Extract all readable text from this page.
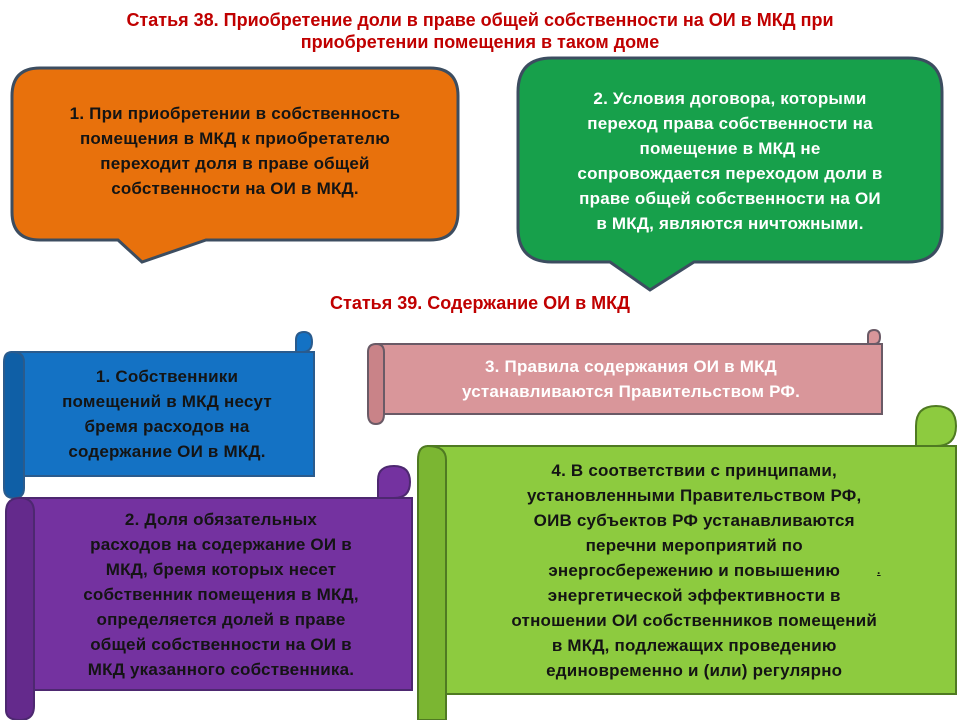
Статья 38. Приобретение доли в праве общей собственности на ОИ в МКД при
приобретении помещения в таком доме

Статья 39. Содержание ОИ в МКД

1. При приобретении в собственность
помещения в МКД к приобретателю
переходит доля в праве общей
собственности на ОИ в МКД.
2. Условия договора, которыми
переход права собственности на
помещение в МКД не
сопровождается переходом доли в
праве общей собственности на ОИ
в МКД, являются ничтожными.
1. Собственники
помещений в МКД несут
бремя расходов на
содержание ОИ в МКД.
2. Доля обязательных
расходов на содержание ОИ в
МКД, бремя которых несет
собственник помещения в МКД,
определяется долей в праве
общей собственности на ОИ в
МКД указанного собственника.
3. Правила содержания ОИ в МКД
устанавливаются Правительством РФ.
4. В соответствии с принципами,
установленными Правительством РФ,
ОИВ субъектов РФ устанавливаются
перечни мероприятий по
энергосбережению и повышению
энергетической эффективности в
отношении ОИ собственников помещений
в МКД, подлежащих проведению
единовременно и (или) регулярно
.
